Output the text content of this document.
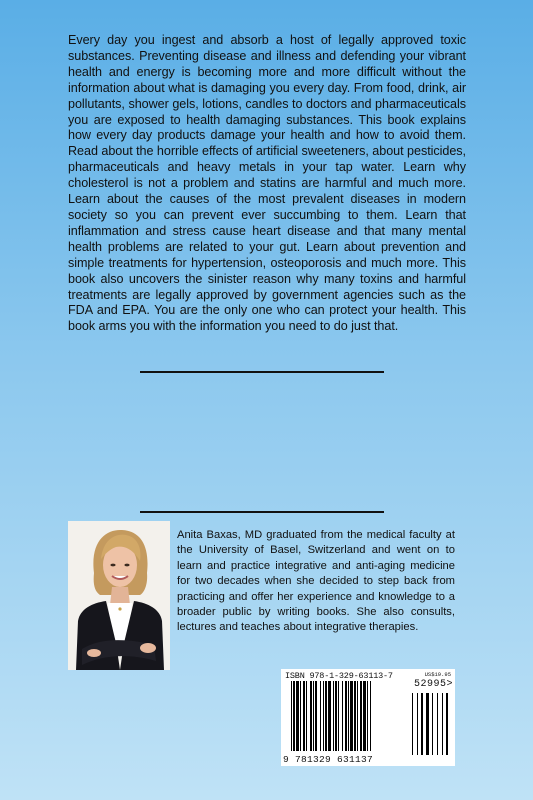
Every day you ingest and absorb a host of legally approved toxic substances. Preventing disease and illness and defending your vibrant health and energy is becoming more and more difficult without the information about what is damaging you every day. From food, drink, air pollutants, shower gels, lotions, candles to doctors and pharmaceuticals you are exposed to health damaging substances. This book explains how every day products damage your health and how to avoid them. Read about the horrible effects of artificial sweeteners, about pesticides, pharmaceuticals and heavy metals in your tap water. Learn why cholesterol is not a problem and statins are harmful and much more. Learn about the causes of the most prevalent diseases in modern society so you can prevent ever succumbing to them. Learn that inflammation and stress cause heart disease and that many mental health problems are related to your gut. Learn about prevention and simple treatments for hypertension, osteoporosis and much more. This book also uncovers the sinister reason why many toxins and harmful treatments are legally approved by government agencies such as the FDA and EPA. You are the only one who can protect your health. This book arms you with the information you need to do just that.

Anita Baxas, MD graduated from the medical faculty at the University of Basel, Switzerland and went on to learn and practice integrative and anti-aging medicine for two decades when she decided to step back from practicing and offer her experience and knowledge to a broader public by writing books. She also consults, lectures and teaches about integrative therapies.

ISBN 978-1-329-63113-7	US$19.95
52995>
9 781329 631137
